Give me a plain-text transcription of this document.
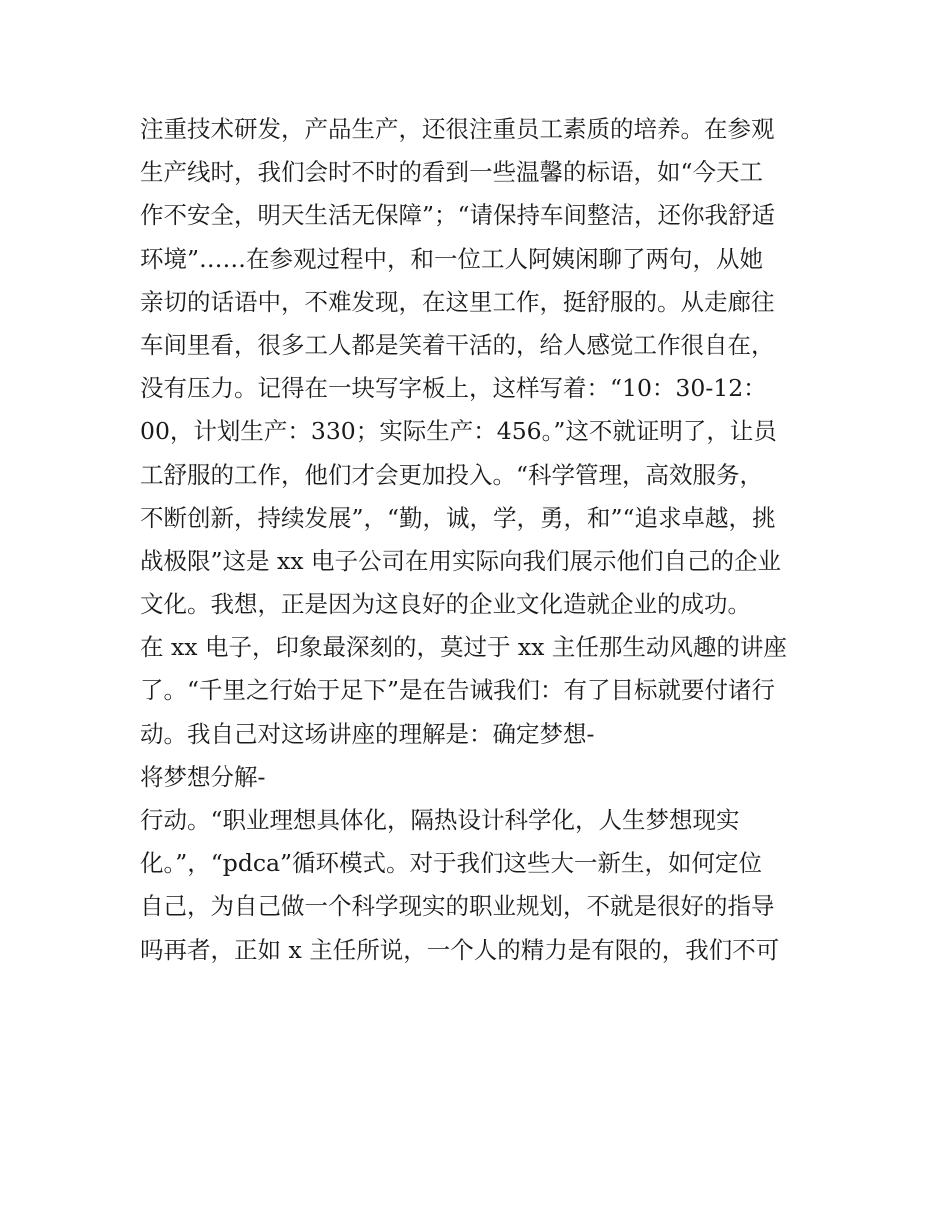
注重技术研发，产品生产，还很注重员工素质的培养。在参观
生产线时，我们会时不时的看到一些温馨的标语，如“今天工
作不安全，明天生活无保障”；“请保持车间整洁，还你我舒适
环境”……在参观过程中，和一位工人阿姨闲聊了两句，从她
亲切的话语中，不难发现，在这里工作，挺舒服的。从走廊往
车间里看，很多工人都是笑着干活的，给人感觉工作很自在，
没有压力。记得在一块写字板上，这样写着：“10：30-12：
00，计划生产：330；实际生产：456。”这不就证明了，让员
工舒服的工作，他们才会更加投入。“科学管理，高效服务，
不断创新，持续发展”，“勤，诚，学，勇，和”“追求卓越，挑
战极限”这是 xx 电子公司在用实际向我们展示他们自己的企业
文化。我想，正是因为这良好的企业文化造就企业的成功。
在 xx 电子，印象最深刻的，莫过于 xx 主任那生动风趣的讲座
了。“千里之行始于足下”是在告诫我们：有了目标就要付诸行
动。我自己对这场讲座的理解是：确定梦想-
将梦想分解-
行动。“职业理想具体化，隔热设计科学化，人生梦想现实
化。”，“pdca”循环模式。对于我们这些大一新生，如何定位
自己，为自己做一个科学现实的职业规划，不就是很好的指导
吗再者，正如 x 主任所说，一个人的精力是有限的，我们不可
